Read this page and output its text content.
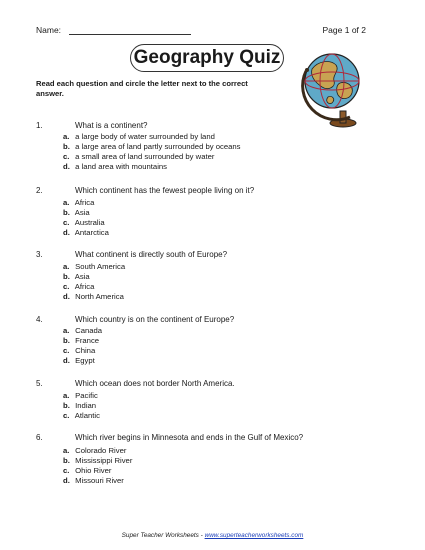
Name:	Page 1 of 2
Geography Quiz
Read each question and circle the letter next to the correct answer.
1.	What is a continent?
a. a large body of water surrounded by land
b. a large area of land partly surrounded by oceans
c. a small area of land surrounded by water
d. a land area with mountains
2.	Which continent has the fewest people living on it?
a. Africa
b. Asia
c. Australia
d. Antarctica
3.	What continent is directly south of Europe?
a. South America
b. Asia
c. Africa
d. North America
4.	Which country is on the continent of Europe?
a. Canada
b. France
c. China
d. Egypt
5.	Which ocean does not border North America.
a. Pacific
b. Indian
c. Atlantic
6.	Which river begins in Minnesota and ends in the Gulf of Mexico?
a. Colorado River
b. Mississippi River
c. Ohio River
d. Missouri River
Super Teacher Worksheets - www.superteacherworksheets.com
